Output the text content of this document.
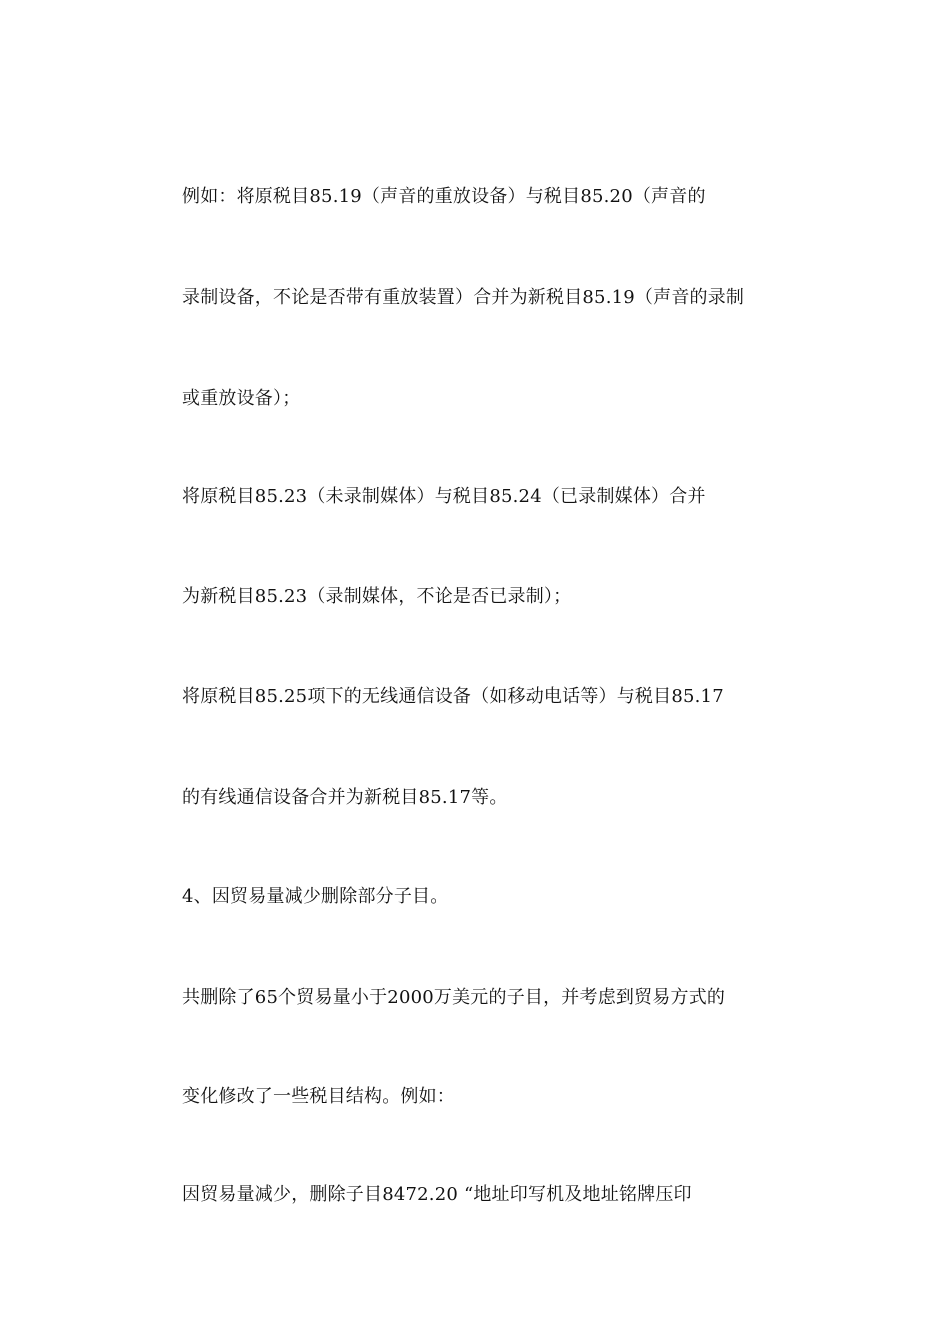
例如：将原税目85.19（声音的重放设备）与税目85.20（声音的
录制设备，不论是否带有重放装置）合并为新税目85.19（声音的录制
或重放设备）；
将原税目85.23（未录制媒体）与税目85.24（已录制媒体）合并
为新税目85.23（录制媒体，不论是否已录制）；
将原税目85.25项下的无线通信设备（如移动电话等）与税目85.17
的有线通信设备合并为新税目85.17等。
4、因贸易量减少删除部分子目。
共删除了65个贸易量小于2000万美元的子目，并考虑到贸易方式的
变化修改了一些税目结构。例如：
因贸易量减少，删除子目8472.20 “地址印写机及地址铭牌压印
